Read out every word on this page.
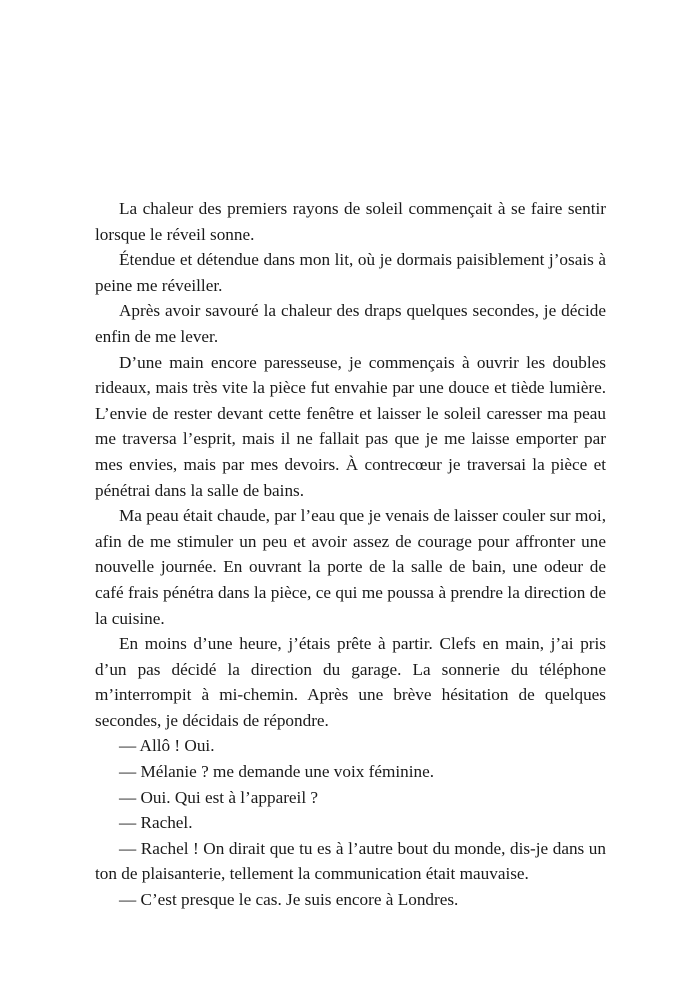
La chaleur des premiers rayons de soleil commençait à se faire sentir lorsque le réveil sonne.

Étendue et détendue dans mon lit, où je dormais paisiblement j’osais à peine me réveiller.

Après avoir savouré la chaleur des draps quelques secondes, je décide enfin de me lever.

D’une main encore paresseuse, je commençais à ouvrir les doubles rideaux, mais très vite la pièce fut envahie par une douce et tiède lumière. L’envie de rester devant cette fenêtre et laisser le soleil caresser ma peau me traversa l’esprit, mais il ne fallait pas que je me laisse emporter par mes envies, mais par mes devoirs. À contrecœur je traversai la pièce et pénétrai dans la salle de bains.

Ma peau était chaude, par l’eau que je venais de laisser couler sur moi, afin de me stimuler un peu et avoir assez de courage pour affronter une nouvelle journée. En ouvrant la porte de la salle de bain, une odeur de café frais pénétra dans la pièce, ce qui me poussa à prendre la direction de la cuisine.

En moins d’une heure, j’étais prête à partir. Clefs en main, j’ai pris d’un pas décidé la direction du garage. La sonnerie du téléphone m’interrompit à mi-chemin. Après une brève hésitation de quelques secondes, je décidais de répondre.

— Allô ! Oui.

— Mélanie ? me demande une voix féminine.

— Oui. Qui est à l’appareil ?

— Rachel.

— Rachel ! On dirait que tu es à l’autre bout du monde, dis-je dans un ton de plaisanterie, tellement la communication était mauvaise.

— C’est presque le cas. Je suis encore à Londres.
